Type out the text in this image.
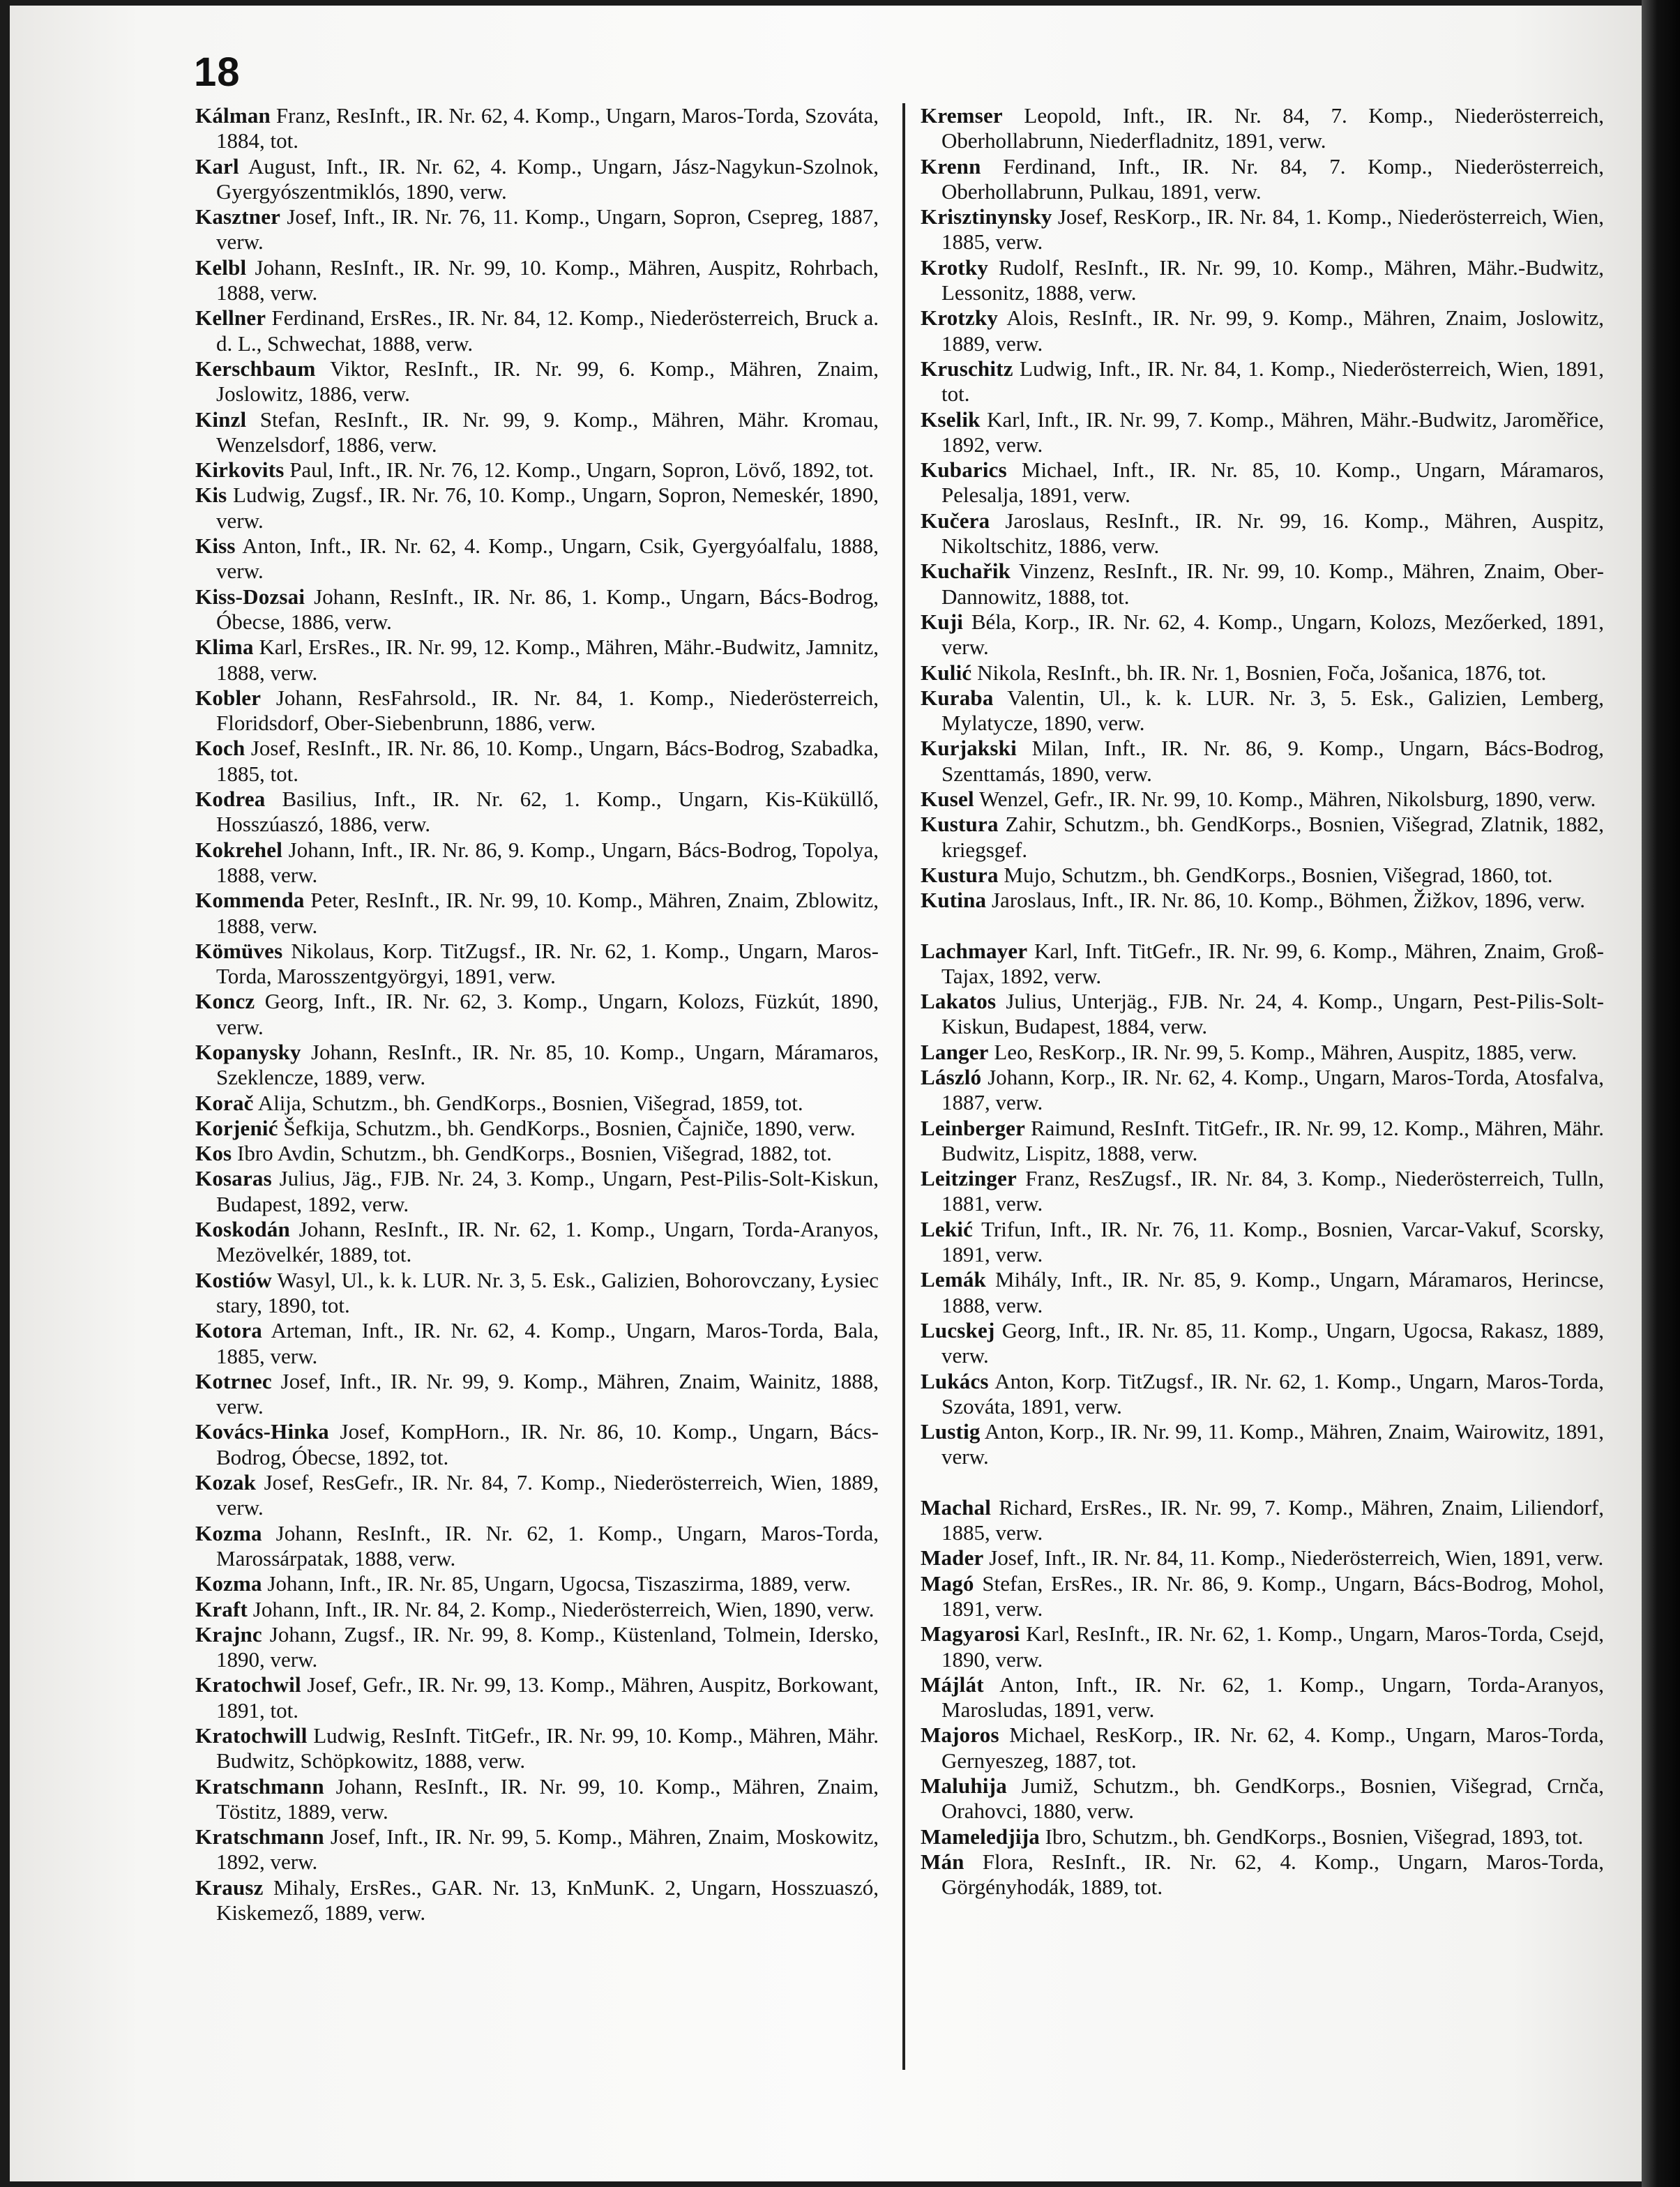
18

Kálman Franz, ResInft., IR. Nr. 62, 4. Komp., Ungarn, Maros-Torda, Szováta, 1884, tot.

Karl August, Inft., IR. Nr. 62, 4. Komp., Ungarn, Jász-Nagykun-Szolnok, Gyergyószentmiklós, 1890, verw.

Kasztner Josef, Inft., IR. Nr. 76, 11. Komp., Ungarn, Sopron, Csepreg, 1887, verw.

Kelbl Johann, ResInft., IR. Nr. 99, 10. Komp., Mähren, Auspitz, Rohrbach, 1888, verw.

Kellner Ferdinand, ErsRes., IR. Nr. 84, 12. Komp., Niederösterreich, Bruck a. d. L., Schwechat, 1888, verw.

Kerschbaum Viktor, ResInft., IR. Nr. 99, 6. Komp., Mähren, Znaim, Joslowitz, 1886, verw.

Kinzl Stefan, ResInft., IR. Nr. 99, 9. Komp., Mähren, Mähr. Kromau, Wenzelsdorf, 1886, verw.

Kirkovits Paul, Inft., IR. Nr. 76, 12. Komp., Ungarn, Sopron, Lövő, 1892, tot.

Kis Ludwig, Zugsf., IR. Nr. 76, 10. Komp., Ungarn, Sopron, Nemeskér, 1890, verw.

Kiss Anton, Inft., IR. Nr. 62, 4. Komp., Ungarn, Csik, Gyergyóalfalu, 1888, verw.

Kiss-Dozsai Johann, ResInft., IR. Nr. 86, 1. Komp., Ungarn, Bács-Bodrog, Óbecse, 1886, verw.

Klima Karl, ErsRes., IR. Nr. 99, 12. Komp., Mähren, Mähr.-Budwitz, Jamnitz, 1888, verw.

Kobler Johann, ResFahrsold., IR. Nr. 84, 1. Komp., Niederösterreich, Floridsdorf, Ober-Siebenbrunn, 1886, verw.

Koch Josef, ResInft., IR. Nr. 86, 10. Komp., Ungarn, Bács-Bodrog, Szabadka, 1885, tot.

Kodrea Basilius, Inft., IR. Nr. 62, 1. Komp., Ungarn, Kis-Küküllő, Hosszúaszó, 1886, verw.

Kokrehel Johann, Inft., IR. Nr. 86, 9. Komp., Ungarn, Bács-Bodrog, Topolya, 1888, verw.

Kommenda Peter, ResInft., IR. Nr. 99, 10. Komp., Mähren, Znaim, Zblowitz, 1888, verw.

Kömüves Nikolaus, Korp. TitZugsf., IR. Nr. 62, 1. Komp., Ungarn, Maros-Torda, Marosszentgyörgyi, 1891, verw.

Koncz Georg, Inft., IR. Nr. 62, 3. Komp., Ungarn, Kolozs, Füzkút, 1890, verw.

Kopanysky Johann, ResInft., IR. Nr. 85, 10. Komp., Ungarn, Máramaros, Szeklencze, 1889, verw.

Korač Alija, Schutzm., bh. GendKorps., Bosnien, Višegrad, 1859, tot.

Korjenić Šefkija, Schutzm., bh. GendKorps., Bosnien, Čajniče, 1890, verw.

Kos Ibro Avdin, Schutzm., bh. GendKorps., Bosnien, Višegrad, 1882, tot.

Kosaras Julius, Jäg., FJB. Nr. 24, 3. Komp., Ungarn, Pest-Pilis-Solt-Kiskun, Budapest, 1892, verw.

Koskodán Johann, ResInft., IR. Nr. 62, 1. Komp., Ungarn, Torda-Aranyos, Mezövelkér, 1889, tot.

Kostiów Wasyl, Ul., k. k. LUR. Nr. 3, 5. Esk., Galizien, Bohorovczany, Łysiec stary, 1890, tot.

Kotora Arteman, Inft., IR. Nr. 62, 4. Komp., Ungarn, Maros-Torda, Bala, 1885, verw.

Kotrnec Josef, Inft., IR. Nr. 99, 9. Komp., Mähren, Znaim, Wainitz, 1888, verw.

Kovács-Hinka Josef, KompHorn., IR. Nr. 86, 10. Komp., Ungarn, Bács-Bodrog, Óbecse, 1892, tot.

Kozak Josef, ResGefr., IR. Nr. 84, 7. Komp., Niederösterreich, Wien, 1889, verw.

Kozma Johann, ResInft., IR. Nr. 62, 1. Komp., Ungarn, Maros-Torda, Marossárpatak, 1888, verw.

Kozma Johann, Inft., IR. Nr. 85, Ungarn, Ugocsa, Tiszaszirma, 1889, verw.

Kraft Johann, Inft., IR. Nr. 84, 2. Komp., Niederösterreich, Wien, 1890, verw.

Krajnc Johann, Zugsf., IR. Nr. 99, 8. Komp., Küstenland, Tolmein, Idersko, 1890, verw.

Kratochwil Josef, Gefr., IR. Nr. 99, 13. Komp., Mähren, Auspitz, Borkowant, 1891, tot.

Kratochwill Ludwig, ResInft. TitGefr., IR. Nr. 99, 10. Komp., Mähren, Mähr. Budwitz, Schöpkowitz, 1888, verw.

Kratschmann Johann, ResInft., IR. Nr. 99, 10. Komp., Mähren, Znaim, Töstitz, 1889, verw.

Kratschmann Josef, Inft., IR. Nr. 99, 5. Komp., Mähren, Znaim, Moskowitz, 1892, verw.

Krausz Mihaly, ErsRes., GAR. Nr. 13, KnMunK. 2, Ungarn, Hosszuaszó, Kiskemező, 1889, verw.

Kremser Leopold, Inft., IR. Nr. 84, 7. Komp., Niederösterreich, Oberhollabrunn, Niederfladnitz, 1891, verw.

Krenn Ferdinand, Inft., IR. Nr. 84, 7. Komp., Niederösterreich, Oberhollabrunn, Pulkau, 1891, verw.

Krisztinynsky Josef, ResKorp., IR. Nr. 84, 1. Komp., Niederösterreich, Wien, 1885, verw.

Krotky Rudolf, ResInft., IR. Nr. 99, 10. Komp., Mähren, Mähr.-Budwitz, Lessonitz, 1888, verw.

Krotzky Alois, ResInft., IR. Nr. 99, 9. Komp., Mähren, Znaim, Joslowitz, 1889, verw.

Kruschitz Ludwig, Inft., IR. Nr. 84, 1. Komp., Niederösterreich, Wien, 1891, tot.

Kselik Karl, Inft., IR. Nr. 99, 7. Komp., Mähren, Mähr.-Budwitz, Jaroměřice, 1892, verw.

Kubarics Michael, Inft., IR. Nr. 85, 10. Komp., Ungarn, Máramaros, Pelesalja, 1891, verw.

Kučera Jaroslaus, ResInft., IR. Nr. 99, 16. Komp., Mähren, Auspitz, Nikoltschitz, 1886, verw.

Kuchařik Vinzenz, ResInft., IR. Nr. 99, 10. Komp., Mähren, Znaim, Ober-Dannowitz, 1888, tot.

Kuji Béla, Korp., IR. Nr. 62, 4. Komp., Ungarn, Kolozs, Mezőerked, 1891, verw.

Kulić Nikola, ResInft., bh. IR. Nr. 1, Bosnien, Foča, Jošanica, 1876, tot.

Kuraba Valentin, Ul., k. k. LUR. Nr. 3, 5. Esk., Galizien, Lemberg, Mylatycze, 1890, verw.

Kurjakski Milan, Inft., IR. Nr. 86, 9. Komp., Ungarn, Bács-Bodrog, Szenttamás, 1890, verw.

Kusel Wenzel, Gefr., IR. Nr. 99, 10. Komp., Mähren, Nikolsburg, 1890, verw.

Kustura Zahir, Schutzm., bh. GendKorps., Bosnien, Višegrad, Zlatnik, 1882, kriegsgef.

Kustura Mujo, Schutzm., bh. GendKorps., Bosnien, Višegrad, 1860, tot.

Kutina Jaroslaus, Inft., IR. Nr. 86, 10. Komp., Böhmen, Žižkov, 1896, verw.

Lachmayer Karl, Inft. TitGefr., IR. Nr. 99, 6. Komp., Mähren, Znaim, Groß-Tajax, 1892, verw.

Lakatos Julius, Unterjäg., FJB. Nr. 24, 4. Komp., Ungarn, Pest-Pilis-Solt-Kiskun, Budapest, 1884, verw.

Langer Leo, ResKorp., IR. Nr. 99, 5. Komp., Mähren, Auspitz, 1885, verw.

László Johann, Korp., IR. Nr. 62, 4. Komp., Ungarn, Maros-Torda, Atosfalva, 1887, verw.

Leinberger Raimund, ResInft. TitGefr., IR. Nr. 99, 12. Komp., Mähren, Mähr. Budwitz, Lispitz, 1888, verw.

Leitzinger Franz, ResZugsf., IR. Nr. 84, 3. Komp., Niederösterreich, Tulln, 1881, verw.

Lekić Trifun, Inft., IR. Nr. 76, 11. Komp., Bosnien, Varcar-Vakuf, Scorsky, 1891, verw.

Lemák Mihály, Inft., IR. Nr. 85, 9. Komp., Ungarn, Máramaros, Herincse, 1888, verw.

Lucskej Georg, Inft., IR. Nr. 85, 11. Komp., Ungarn, Ugocsa, Rakasz, 1889, verw.

Lukács Anton, Korp. TitZugsf., IR. Nr. 62, 1. Komp., Ungarn, Maros-Torda, Szováta, 1891, verw.

Lustig Anton, Korp., IR. Nr. 99, 11. Komp., Mähren, Znaim, Wairowitz, 1891, verw.

Machal Richard, ErsRes., IR. Nr. 99, 7. Komp., Mähren, Znaim, Liliendorf, 1885, verw.

Mader Josef, Inft., IR. Nr. 84, 11. Komp., Niederösterreich, Wien, 1891, verw.

Magó Stefan, ErsRes., IR. Nr. 86, 9. Komp., Ungarn, Bács-Bodrog, Mohol, 1891, verw.

Magyarosi Karl, ResInft., IR. Nr. 62, 1. Komp., Ungarn, Maros-Torda, Csejd, 1890, verw.

Májlát Anton, Inft., IR. Nr. 62, 1. Komp., Ungarn, Torda-Aranyos, Marosludas, 1891, verw.

Majoros Michael, ResKorp., IR. Nr. 62, 4. Komp., Ungarn, Maros-Torda, Gernyeszeg, 1887, tot.

Maluhija Jumiž, Schutzm., bh. GendKorps., Bosnien, Višegrad, Crnča, Orahovci, 1880, verw.

Mameledjija Ibro, Schutzm., bh. GendKorps., Bosnien, Višegrad, 1893, tot.

Mán Flora, ResInft., IR. Nr. 62, 4. Komp., Ungarn, Maros-Torda, Görgényhodák, 1889, tot.
